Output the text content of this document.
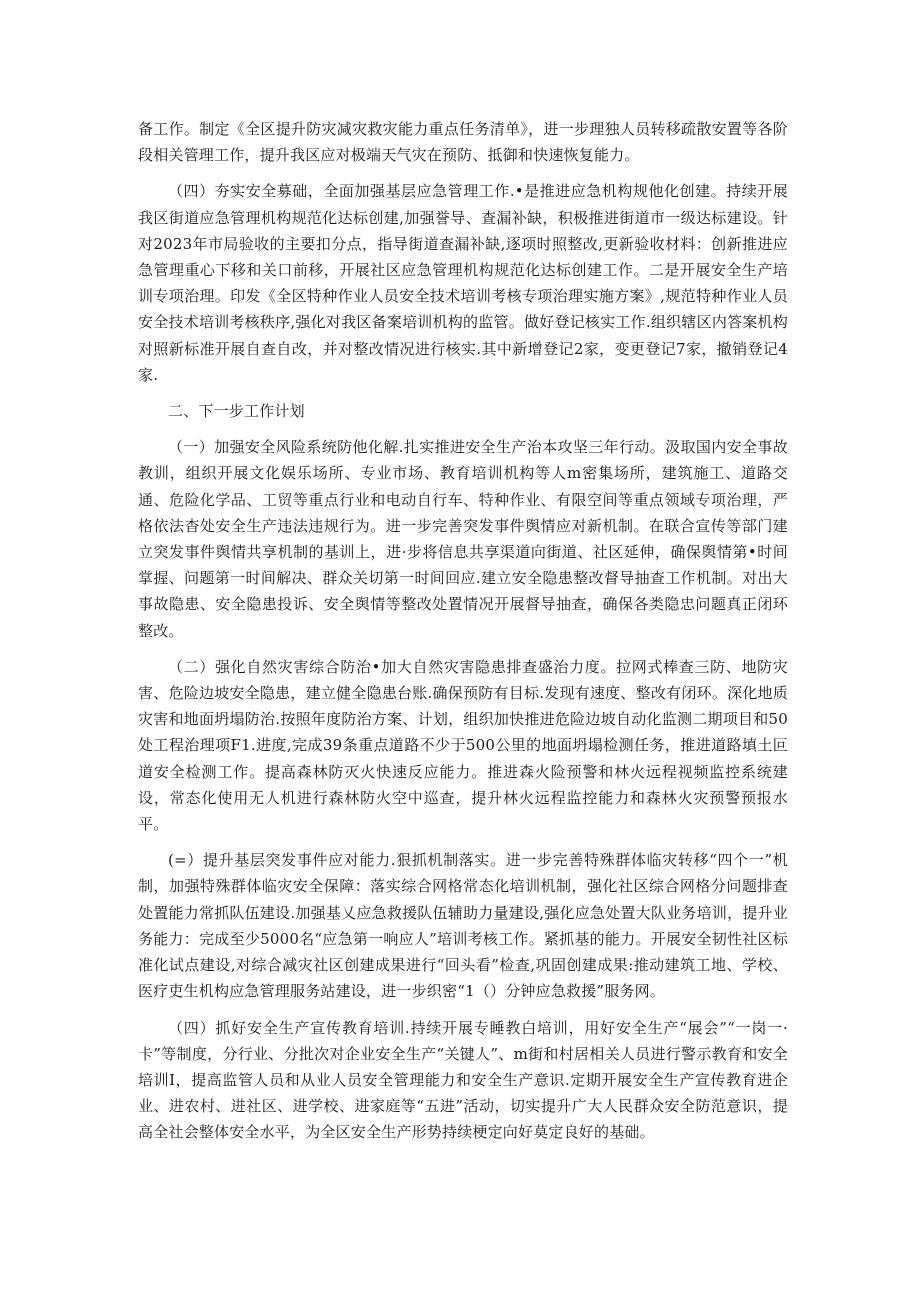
备工作。制定《全区提升防灾减灾救灾能力重点任务清单》，进一步理独人员转移疏散安置等各阶段相关管理工作，提升我区应对极端天气灾在预防、抵御和快速恢复能力。

（四）夯实安全募础，全面加强基层应急管理工作.•是推进应急机构规他化创建。持续开展我区街道应急管理机构规范化达标创建,加强誉导、查漏补缺，积极推进街道市一级达标建设。针对2023年市局验收的主要扣分点，指导街道查漏补缺,逐项时照整改,更新验收材料：创新推进应急管理重心下移和关口前移，开展社区应急管理机构规范化达标创建工作。二是开展安全生产培训专项治理。印发《全区特种作业人员安全技术培训考核专项治理实施方案》,规范特种作业人员安全技术培训考核秩序,强化对我区备案培训机构的监管。做好登记核实工作.组织辖区内答案机构对照新标准开展自查自改，并对整改情况进行核实.其中新增登记2家，变更登记7家，撤销登记4家.

二、下一步工作计划

（一）加强安全风险系统防他化解.扎实推进安全生产治本攻坚三年行动。汲取国内安全事故教训，组织开展文化娱乐场所、专业市场、教育培训机构等人m密集场所，建筑施工、道路交通、危险化学品、工贸等重点行业和电动自行车、特种作业、有限空间等重点领域专项治理，严格依法杳处安全生产违法违规行为。进一步完善突发事件舆情应对新机制。在联合宣传等部门建立突发事件舆情共享机制的基训上，进·步将信息共享渠道向街道、社区延伸，确保舆情第•时间掌握、问题第一时间解决、群众关切第一时间回应.建立安全隐患整改督导抽查工作机制。对出大事故隐患、安全隐患投诉、安全舆情等整改处置情况开展督导抽查，确保各类隐忠问题真正闭环整改。

（二）强化自然灾害综合防治•加大自然灾害隐患排查盛治力度。拉网式棒查三防、地防灾害、危险边坡安全隐患，建立健全隐患台账.确保预防有目标.发现有速度、整改有闭环。深化地质灾害和地面坍塌防治.按照年度防治方案、计划，组织加快推进危险边坡自动化监测二期项目和50处工程治理项F1.进度,完成39条重点道路不少于500公里的地面坍塌检测任务，推进道路填土叵道安全检测工作。提高森林防灭火快速反应能力。推进森火险预警和林火远程视频监控系统建设，常态化使用无人机进行森林防火空中巡查，提升林火远程监控能力和森林火灾预警预报水平。

(=）提升基层突发事件应对能力.狠抓机制落实。进一步完善特殊群体临灾转移“四个一”机制，加强特殊群体临灾安全保障：落实综合网格常态化培训机制，强化社区综合网格分问题排查处置能力常抓队伍建设.加强基乂应急救援队伍辅助力量建设,强化应急处置大队业务培训，提升业务能力：完成至少5000名“应急第一响应人”培训考核工作。紧抓基的能力。开展安全韧性社区标准化试点建设,对综合减灾社区创建成果进行“回头看”检查,巩固创建成果:推动建筑工地、学校、医疗吏生机构应急管理服务站建设，进一步织密“1（）分钟应急救援”服务网。

（四）抓好安全生产宣传教育培训.持续开展专睡教白培训，用好安全生产“展会”“一岗一·卡”等制度，分行业、分批次对企业安全生产“关键人”、m街和村居相关人员进行警示教育和安全培训I，提高监管人员和从业人员安全管理能力和安全生产意识.定期开展安全生产宣传教育进企业、进农村、进社区、进学校、进家庭等“五进”活动，切实提升广大人民群众安全防范意识，提高全社会整体安全水平，为全区安全生产形势持续梗定向好莫定良好的基础。
